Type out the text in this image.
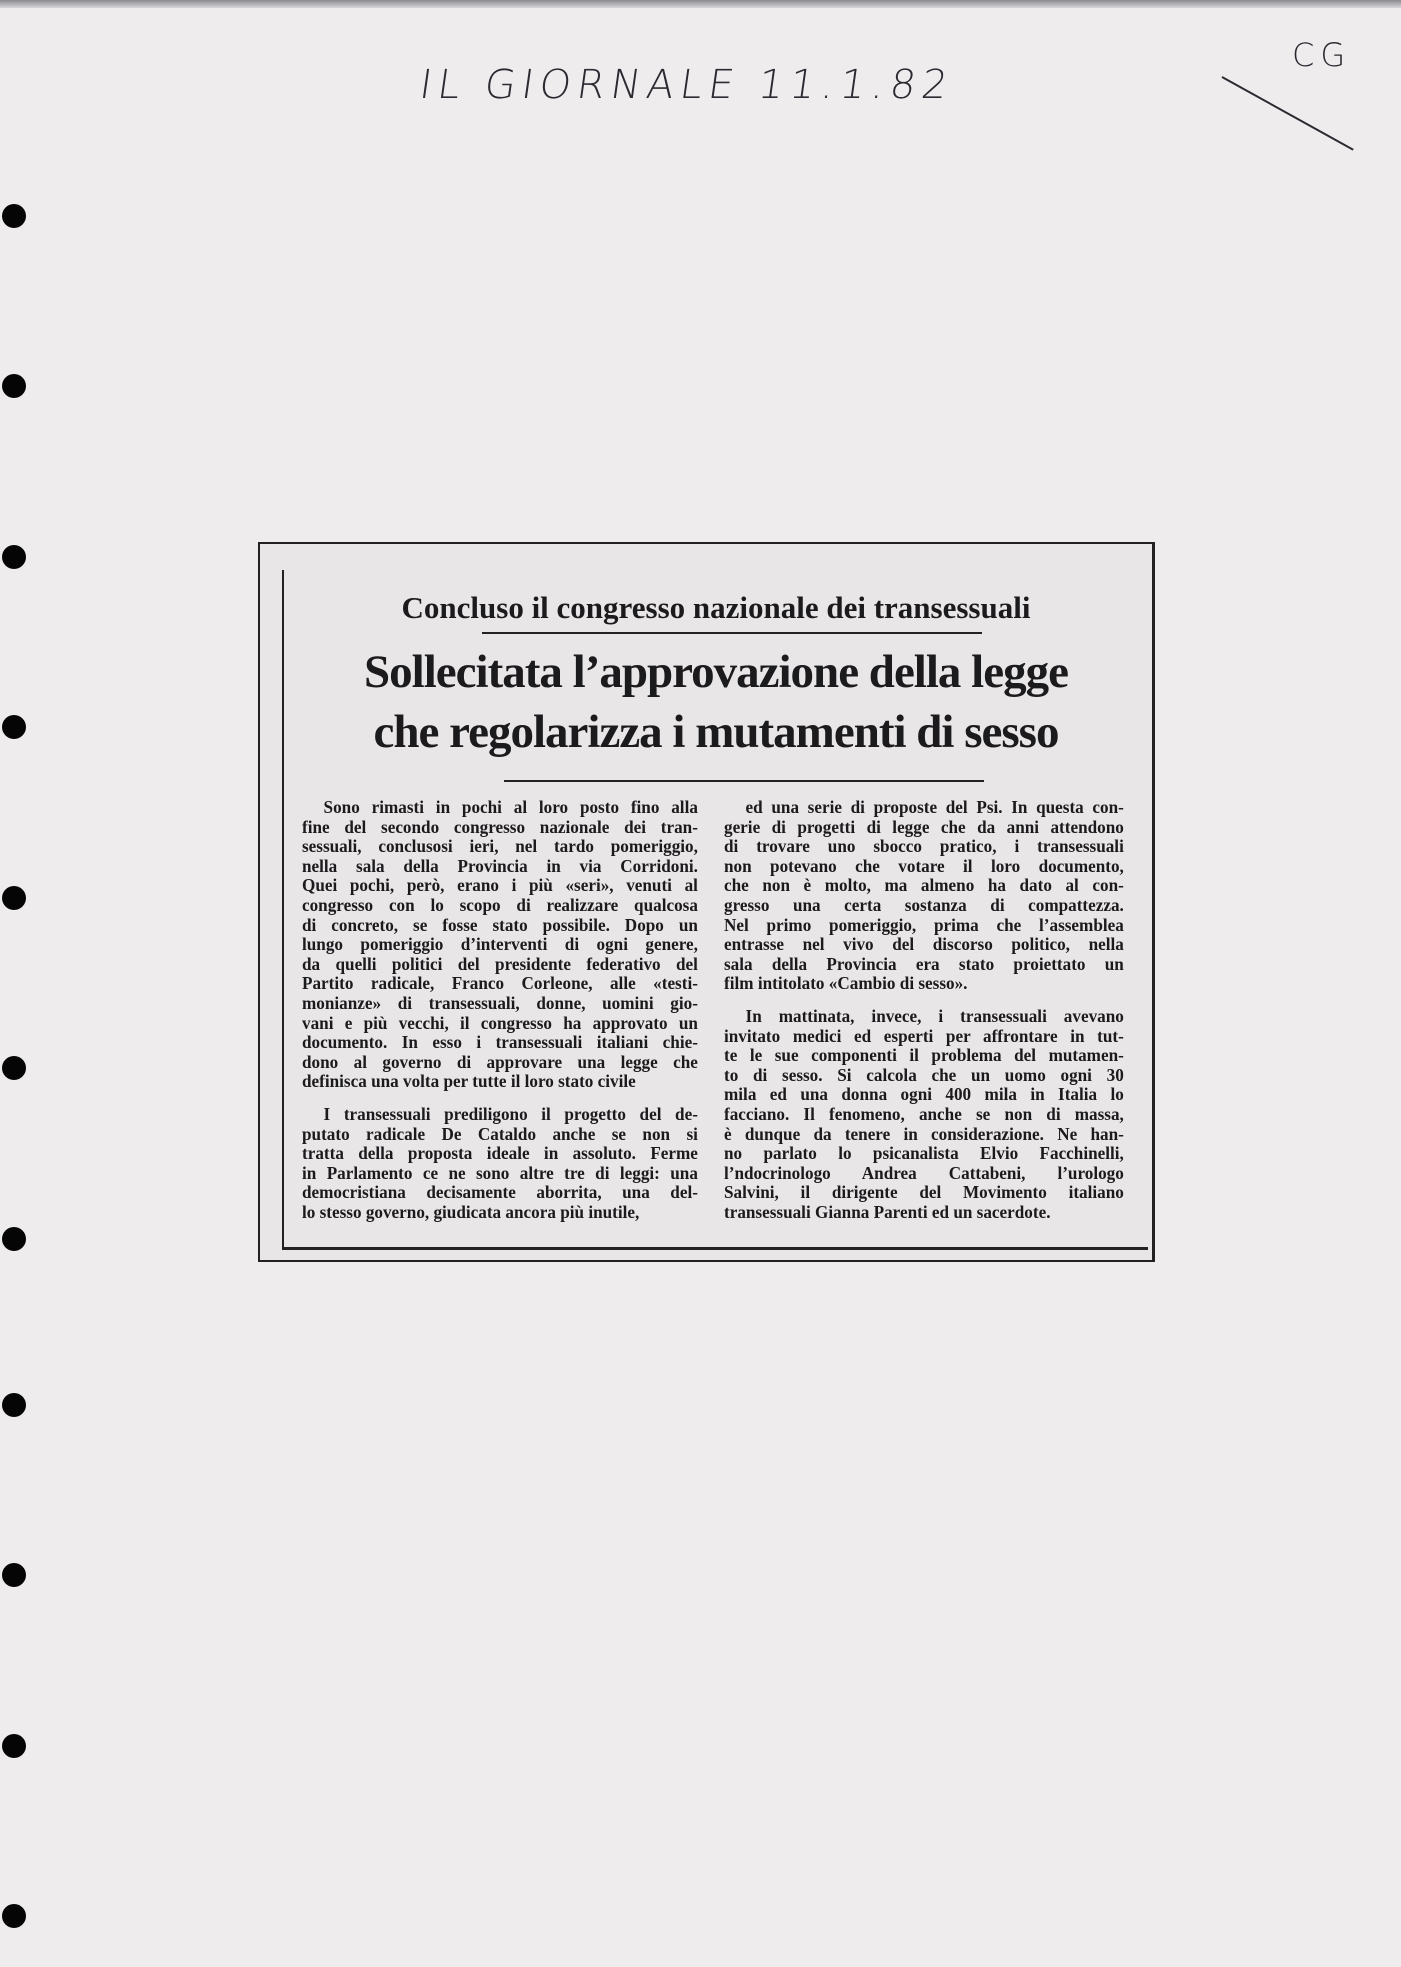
IL GIORNALE 11.1.82
CG
Concluso il congresso nazionale dei transessuali
Sollecitata l’approvazione della legge
che regolarizza i mutamenti di sesso
Sono rimasti in pochi al loro posto fino alla
fine del secondo congresso nazionale dei tran-
sessuali, conclusosi ieri, nel tardo pomeriggio,
nella sala della Provincia in via Corridoni.
Quei pochi, però, erano i più «seri», venuti al
congresso con lo scopo di realizzare qualcosa
di concreto, se fosse stato possibile. Dopo un
lungo pomeriggio d’interventi di ogni genere,
da quelli politici del presidente federativo del
Partito radicale, Franco Corleone, alle «testi-
monianze» di transessuali, donne, uomini gio-
vani e più vecchi, il congresso ha approvato un
documento. In esso i transessuali italiani chie-
dono al governo di approvare una legge che
definisca una volta per tutte il loro stato civile
I transessuali prediligono il progetto del de-
putato radicale De Cataldo anche se non si
tratta della proposta ideale in assoluto. Ferme
in Parlamento ce ne sono altre tre di leggi: una
democristiana decisamente aborrita, una del-
lo stesso governo, giudicata ancora più inutile,
ed una serie di proposte del Psi. In questa con-
gerie di progetti di legge che da anni attendono
di trovare uno sbocco pratico, i transessuali
non potevano che votare il loro documento,
che non è molto, ma almeno ha dato al con-
gresso una certa sostanza di compattezza.
Nel primo pomeriggio, prima che l’assemblea
entrasse nel vivo del discorso politico, nella
sala della Provincia era stato proiettato un
film intitolato «Cambio di sesso».
In mattinata, invece, i transessuali avevano
invitato medici ed esperti per affrontare in tut-
te le sue componenti il problema del mutamen-
to di sesso. Si calcola che un uomo ogni 30
mila ed una donna ogni 400 mila in Italia lo
facciano. Il fenomeno, anche se non di massa,
è dunque da tenere in considerazione. Ne han-
no parlato lo psicanalista Elvio Facchinelli,
l’ndocrinologo Andrea Cattabeni, l’urologo
Salvini, il dirigente del Movimento italiano
transessuali Gianna Parenti ed un sacerdote.
